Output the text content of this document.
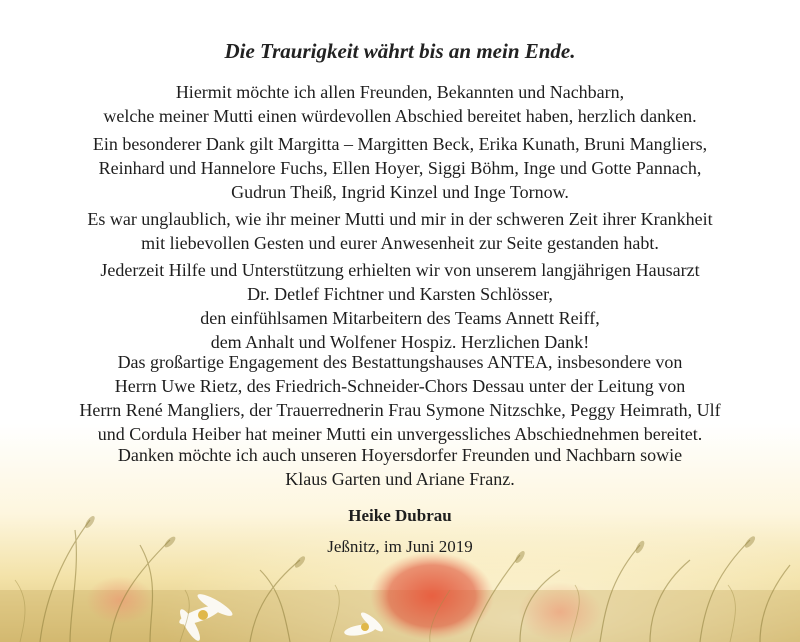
Die Traurigkeit währt bis an mein Ende.
Hiermit möchte ich allen Freunden, Bekannten und Nachbarn,
welche meiner Mutti einen würdevollen Abschied bereitet haben, herzlich danken.
Ein besonderer Dank gilt Margitta – Margitten Beck, Erika Kunath, Bruni Mangliers,
Reinhard und Hannelore Fuchs, Ellen Hoyer, Siggi Böhm, Inge und Gotte Pannach,
Gudrun Theiß, Ingrid Kinzel und Inge Tornow.
Es war unglaublich, wie ihr meiner Mutti und mir in der schweren Zeit ihrer Krankheit
mit liebevollen Gesten und eurer Anwesenheit zur Seite gestanden habt.
Jederzeit Hilfe und Unterstützung erhielten wir von unserem langjährigen Hausarzt
Dr. Detlef Fichtner und Karsten Schlösser,
den einfühlsamen Mitarbeitern des Teams Annett Reiff,
dem Anhalt und Wolfener Hospiz. Herzlichen Dank!
Das großartige Engagement des Bestattungshauses ANTEA, insbesondere von
Herrn Uwe Rietz, des Friedrich-Schneider-Chors Dessau unter der Leitung von
Herrn René Mangliers, der Trauerrednerin Frau Symone Nitzschke, Peggy Heimrath, Ulf
und Cordula Heiber hat meiner Mutti ein unvergessliches Abschiednehmen bereitet.
Danken möchte ich auch unseren Hoyersdorfer Freunden und Nachbarn sowie
Klaus Garten und Ariane Franz.
Heike Dubrau
Jeßnitz, im Juni 2019
